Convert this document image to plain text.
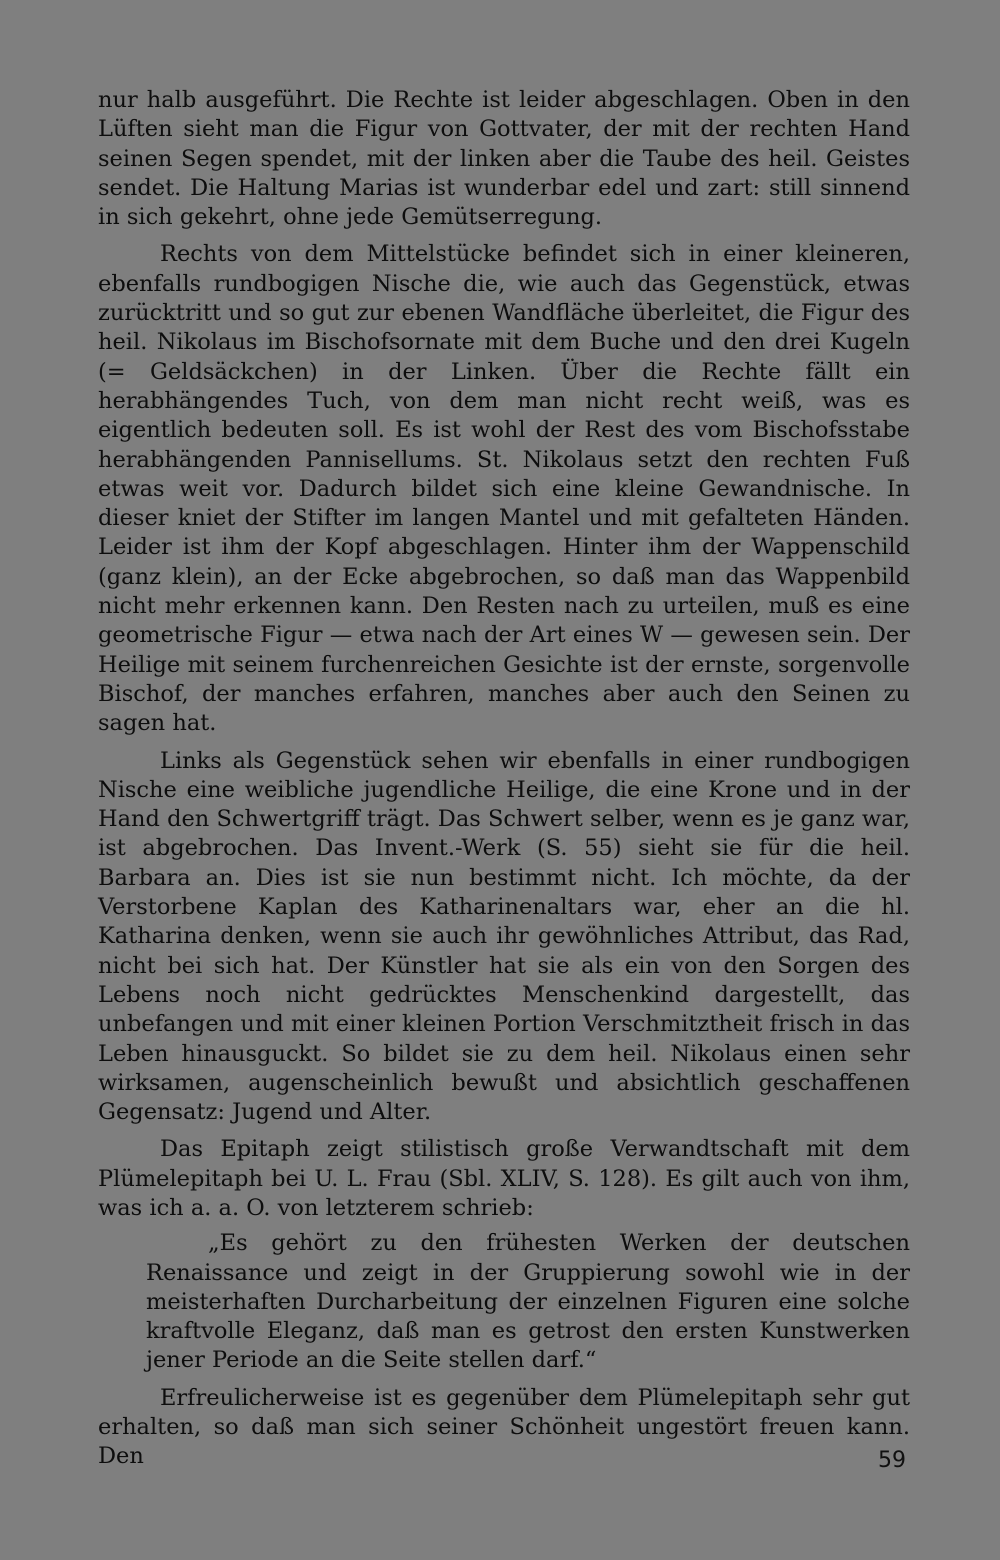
nur halb ausgeführt. Die Rechte ist leider abgeschlagen. Oben in den Lüften sieht man die Figur von Gottvater, der mit der rechten Hand seinen Segen spendet, mit der linken aber die Taube des heil. Geistes sendet. Die Haltung Marias ist wunderbar edel und zart: still sinnend in sich gekehrt, ohne jede Gemütserregung.

Rechts von dem Mittelstücke befindet sich in einer kleineren, ebenfalls rundbogigen Nische die, wie auch das Gegenstück, etwas zurücktritt und so gut zur ebenen Wandfläche überleitet, die Figur des heil. Nikolaus im Bischofsornate mit dem Buche und den drei Kugeln (= Geldsäckchen) in der Linken. Über die Rechte fällt ein herabhängendes Tuch, von dem man nicht recht weiß, was es eigentlich bedeuten soll. Es ist wohl der Rest des vom Bischofsstabe herabhängenden Pannisellums. St. Nikolaus setzt den rechten Fuß etwas weit vor. Dadurch bildet sich eine kleine Gewandnische. In dieser kniet der Stifter im langen Mantel und mit gefalteten Händen. Leider ist ihm der Kopf abgeschlagen. Hinter ihm der Wappenschild (ganz klein), an der Ecke abgebrochen, so daß man das Wappenbild nicht mehr erkennen kann. Den Resten nach zu urteilen, muß es eine geometrische Figur — etwa nach der Art eines W — gewesen sein. Der Heilige mit seinem furchenreichen Gesichte ist der ernste, sorgenvolle Bischof, der manches erfahren, manches aber auch den Seinen zu sagen hat.

Links als Gegenstück sehen wir ebenfalls in einer rundbogigen Nische eine weibliche jugendliche Heilige, die eine Krone und in der Hand den Schwertgriff trägt. Das Schwert selber, wenn es je ganz war, ist abgebrochen. Das Invent.-Werk (S. 55) sieht sie für die heil. Barbara an. Dies ist sie nun bestimmt nicht. Ich möchte, da der Verstorbene Kaplan des Katharinenaltars war, eher an die hl. Katharina denken, wenn sie auch ihr gewöhnliches Attribut, das Rad, nicht bei sich hat. Der Künstler hat sie als ein von den Sorgen des Lebens noch nicht gedrücktes Menschenkind dargestellt, das unbefangen und mit einer kleinen Portion Verschmitztheit frisch in das Leben hinausguckt. So bildet sie zu dem heil. Nikolaus einen sehr wirksamen, augenscheinlich bewußt und absichtlich geschaffenen Gegensatz: Jugend und Alter.

Das Epitaph zeigt stilistisch große Verwandtschaft mit dem Plümelepitaph bei U. L. Frau (Sbl. XLIV, S. 128). Es gilt auch von ihm, was ich a. a. O. von letzterem schrieb:

„Es gehört zu den frühesten Werken der deutschen Renaissance und zeigt in der Gruppierung sowohl wie in der meisterhaften Durcharbeitung der einzelnen Figuren eine solche kraftvolle Eleganz, daß man es getrost den ersten Kunstwerken jener Periode an die Seite stellen darf.“

Erfreulicherweise ist es gegenüber dem Plümelepitaph sehr gut erhalten, so daß man sich seiner Schönheit ungestört freuen kann. Den	59
